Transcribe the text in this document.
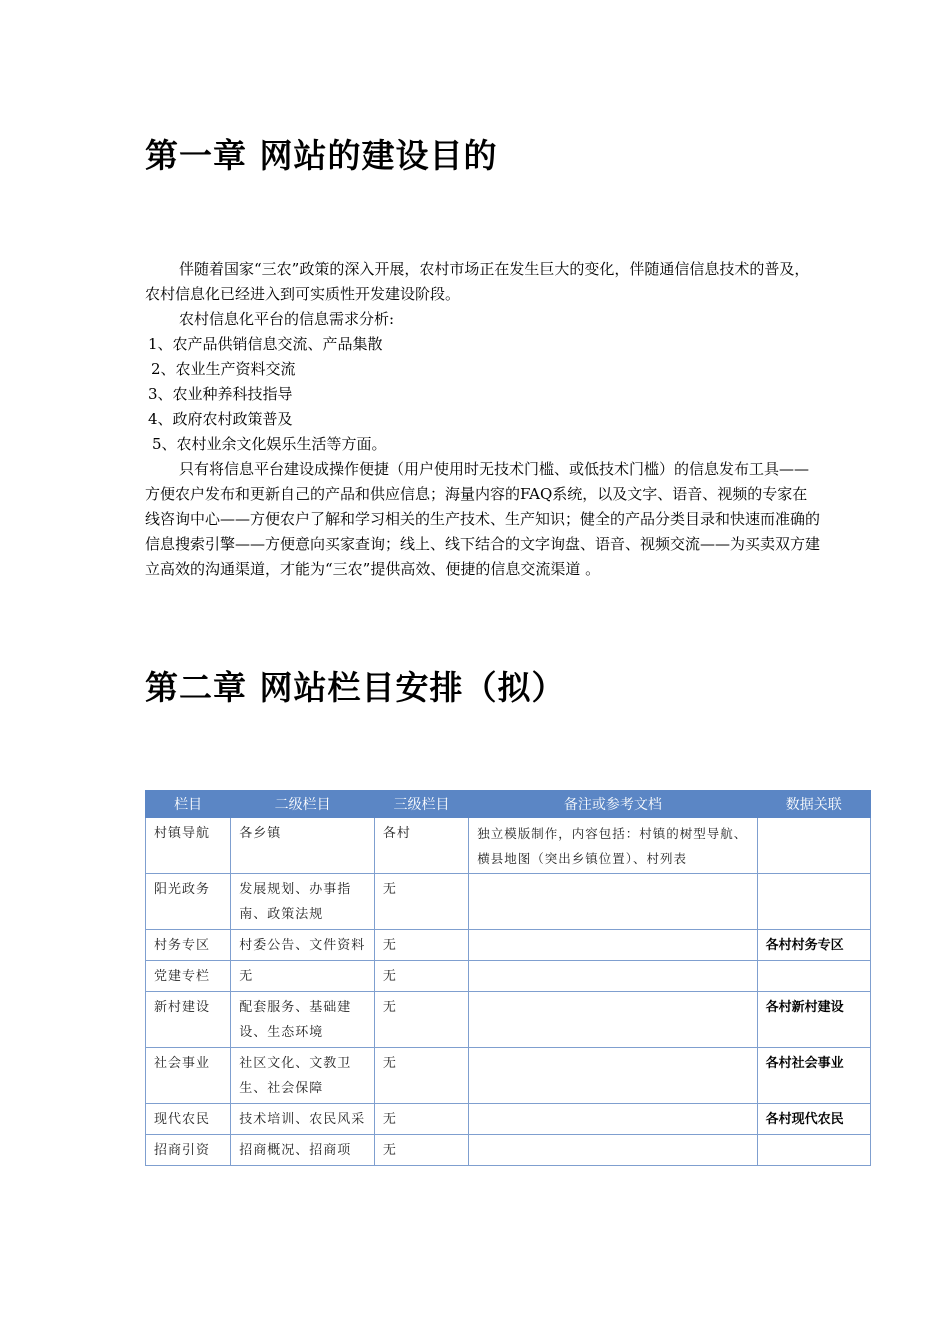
第一章 网站的建设目的

伴随着国家“三农”政策的深入开展，农村市场正在发生巨大的变化，伴随通信信息技术的普及，农村信息化已经进入到可实质性开发建设阶段。

农村信息化平台的信息需求分析:

1、农产品供销信息交流、产品集散

2、农业生产资料交流

3、农业种养科技指导

4、政府农村政策普及

5、农村业余文化娱乐生活等方面。

只有将信息平台建设成操作便捷（用户使用时无技术门槛、或低技术门槛）的信息发布工具——方便农户发布和更新自己的产品和供应信息；海量内容的FAQ系统，以及文字、语音、视频的专家在线咨询中心——方便农户了解和学习相关的生产技术、生产知识；健全的产品分类目录和快速而准确的信息搜索引擎——方便意向买家查询；线上、线下结合的文字询盘、语音、视频交流——为买卖双方建立高效的沟通渠道，才能为“三农”提供高效、便捷的信息交流渠道 。

第二章 网站栏目安排（拟）
栏目	二级栏目	三级栏目	备注或参考文档	数据关联
村镇导航	各乡镇	各村	独立模版制作，内容包括：村镇的树型导航、横县地图（突出乡镇位置）、村列表	
阳光政务	发展规划、办事指南、政策法规	无		
村务专区	村委公告、文件资料	无		各村村务专区
党建专栏	无	无		
新村建设	配套服务、基础建设、生态环境	无		各村新村建设
社会事业	社区文化、文教卫生、社会保障	无		各村社会事业
现代农民	技术培训、农民风采	无		各村现代农民
招商引资	招商概况、招商项	无		
